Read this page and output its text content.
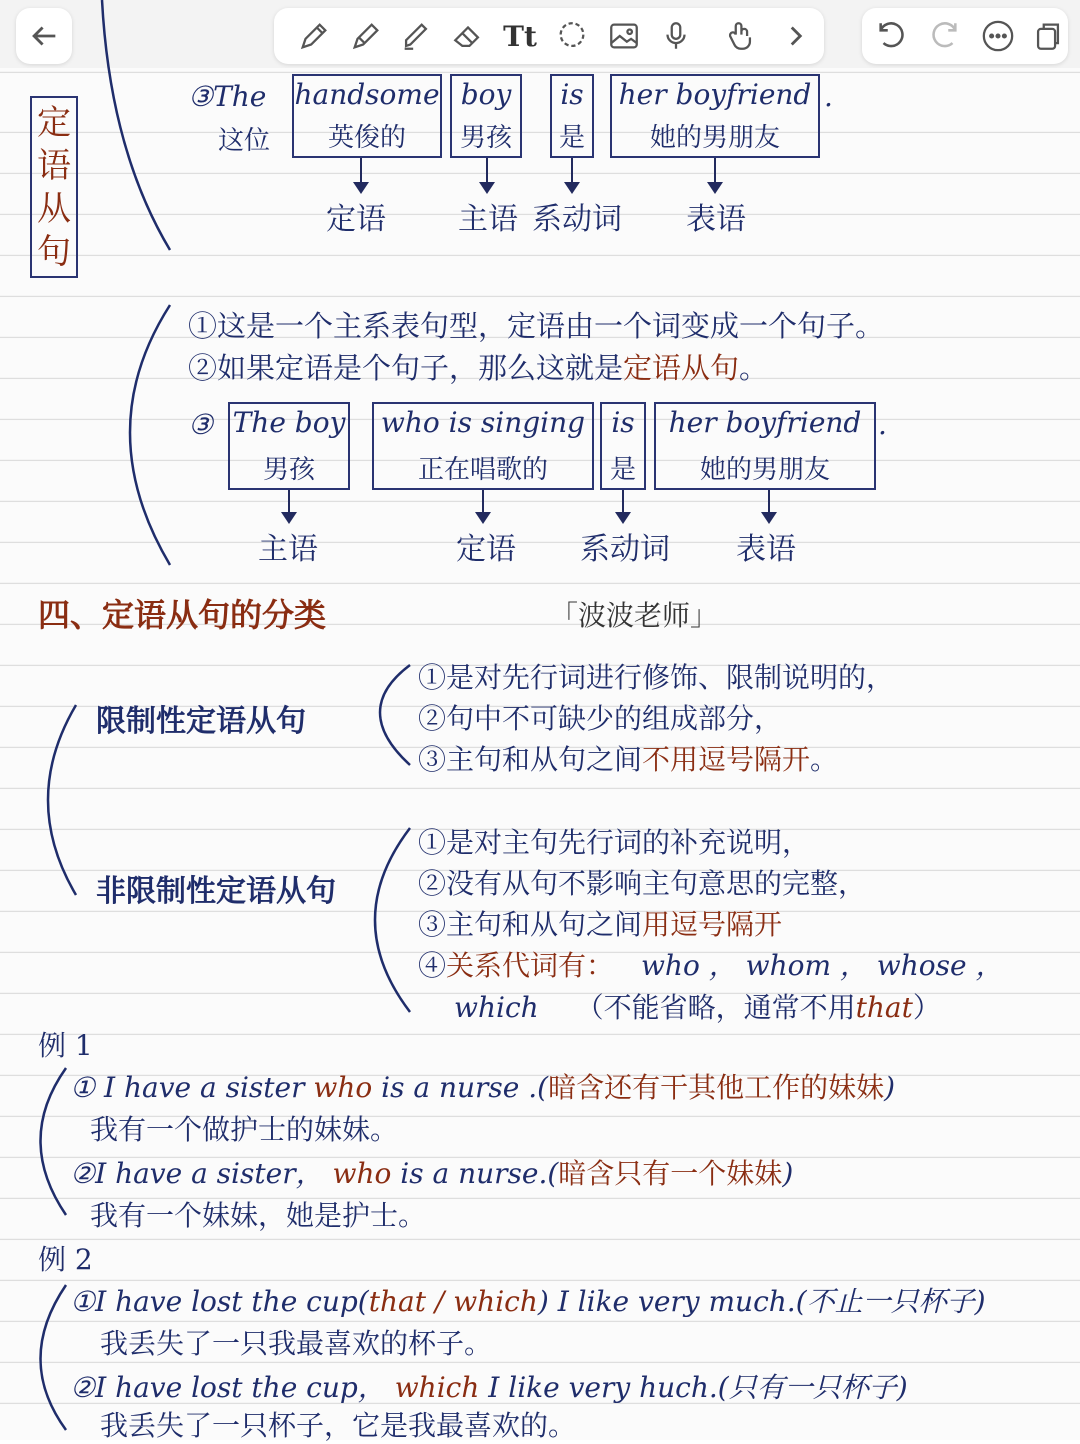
Tt
定语从句
③The
这位
handsome
英俊的
boy
男孩
is
是
her boyfriend
她的男朋友
.
定语 主语 系动词 表语
①这是一个主系表句型，定语由一个词变成一个句子。
②如果定语是个句子，那么这就是定语从句。
③ The boy
男孩
who is singing
正在唱歌的
is
是
her boyfriend
她的男朋友
.
主语	定语 系动词 表语
四、定语从句的分类	「波波老师」
限制性定语从句
①是对先行词进行修饰、限制说明的，
②句中不可缺少的组成部分，
③主句和从句之间不用逗号隔开。
非限制性定语从句
①是对主句先行词的补充说明，
②没有从句不影响主句意思的完整，
③主句和从句之间用逗号隔开
④关系代词有： who ， whom ， whose ，
which （不能省略，通常不用that）
例 1
① I have a sister who is a nurse .(暗含还有干其他工作的妹妹)
我有一个做护士的妹妹。
②I have a sister， who is a nurse.(暗含只有一个妹妹)
我有一个妹妹，她是护士。
例 2
①I have lost the cup(that / which) I like very much.(不止一只杯子)
我丢失了一只我最喜欢的杯子。
②I have lost the cup， which I like very huch.(只有一只杯子)
我丢失了一只杯子，它是我最喜欢的。
